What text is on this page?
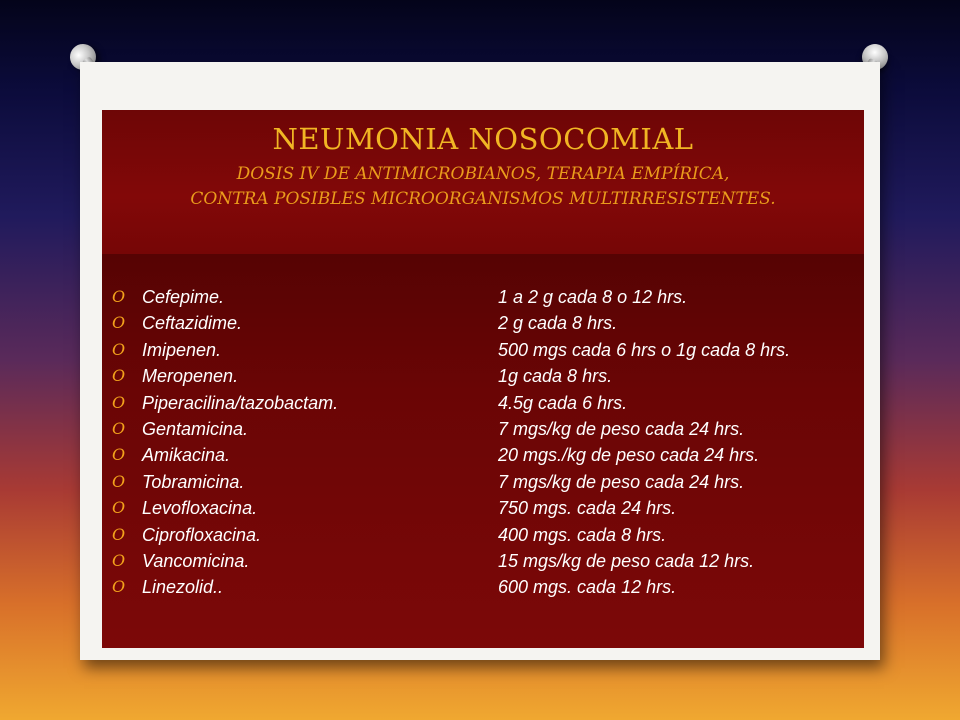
NEUMONIA NOSOCOMIAL
DOSIS IV DE ANTIMICROBIANOS, TERAPIA EMPÍRICA,
CONTRA POSIBLES MICROORGANISMOS MULTIRRESISTENTES.
O Cefepime.	1 a 2 g cada 8 o 12 hrs.
O Ceftazidime.	2 g cada 8 hrs.
O Imipenen.	500 mgs cada 6 hrs o 1g cada 8 hrs.
O Meropenen.	1g cada 8 hrs.
O Piperacilina/tazobactam.	4.5g cada 6 hrs.
O Gentamicina.	7 mgs/kg de peso cada 24 hrs.
O Amikacina.	20 mgs./kg de peso cada 24 hrs.
O Tobramicina.	7 mgs/kg de peso cada 24 hrs.
O Levofloxacina.	750 mgs. cada 24 hrs.
O Ciprofloxacina.	400 mgs. cada 8 hrs.
O Vancomicina.	15 mgs/kg de peso cada 12 hrs.
O Linezolid..	600 mgs. cada 12 hrs.
